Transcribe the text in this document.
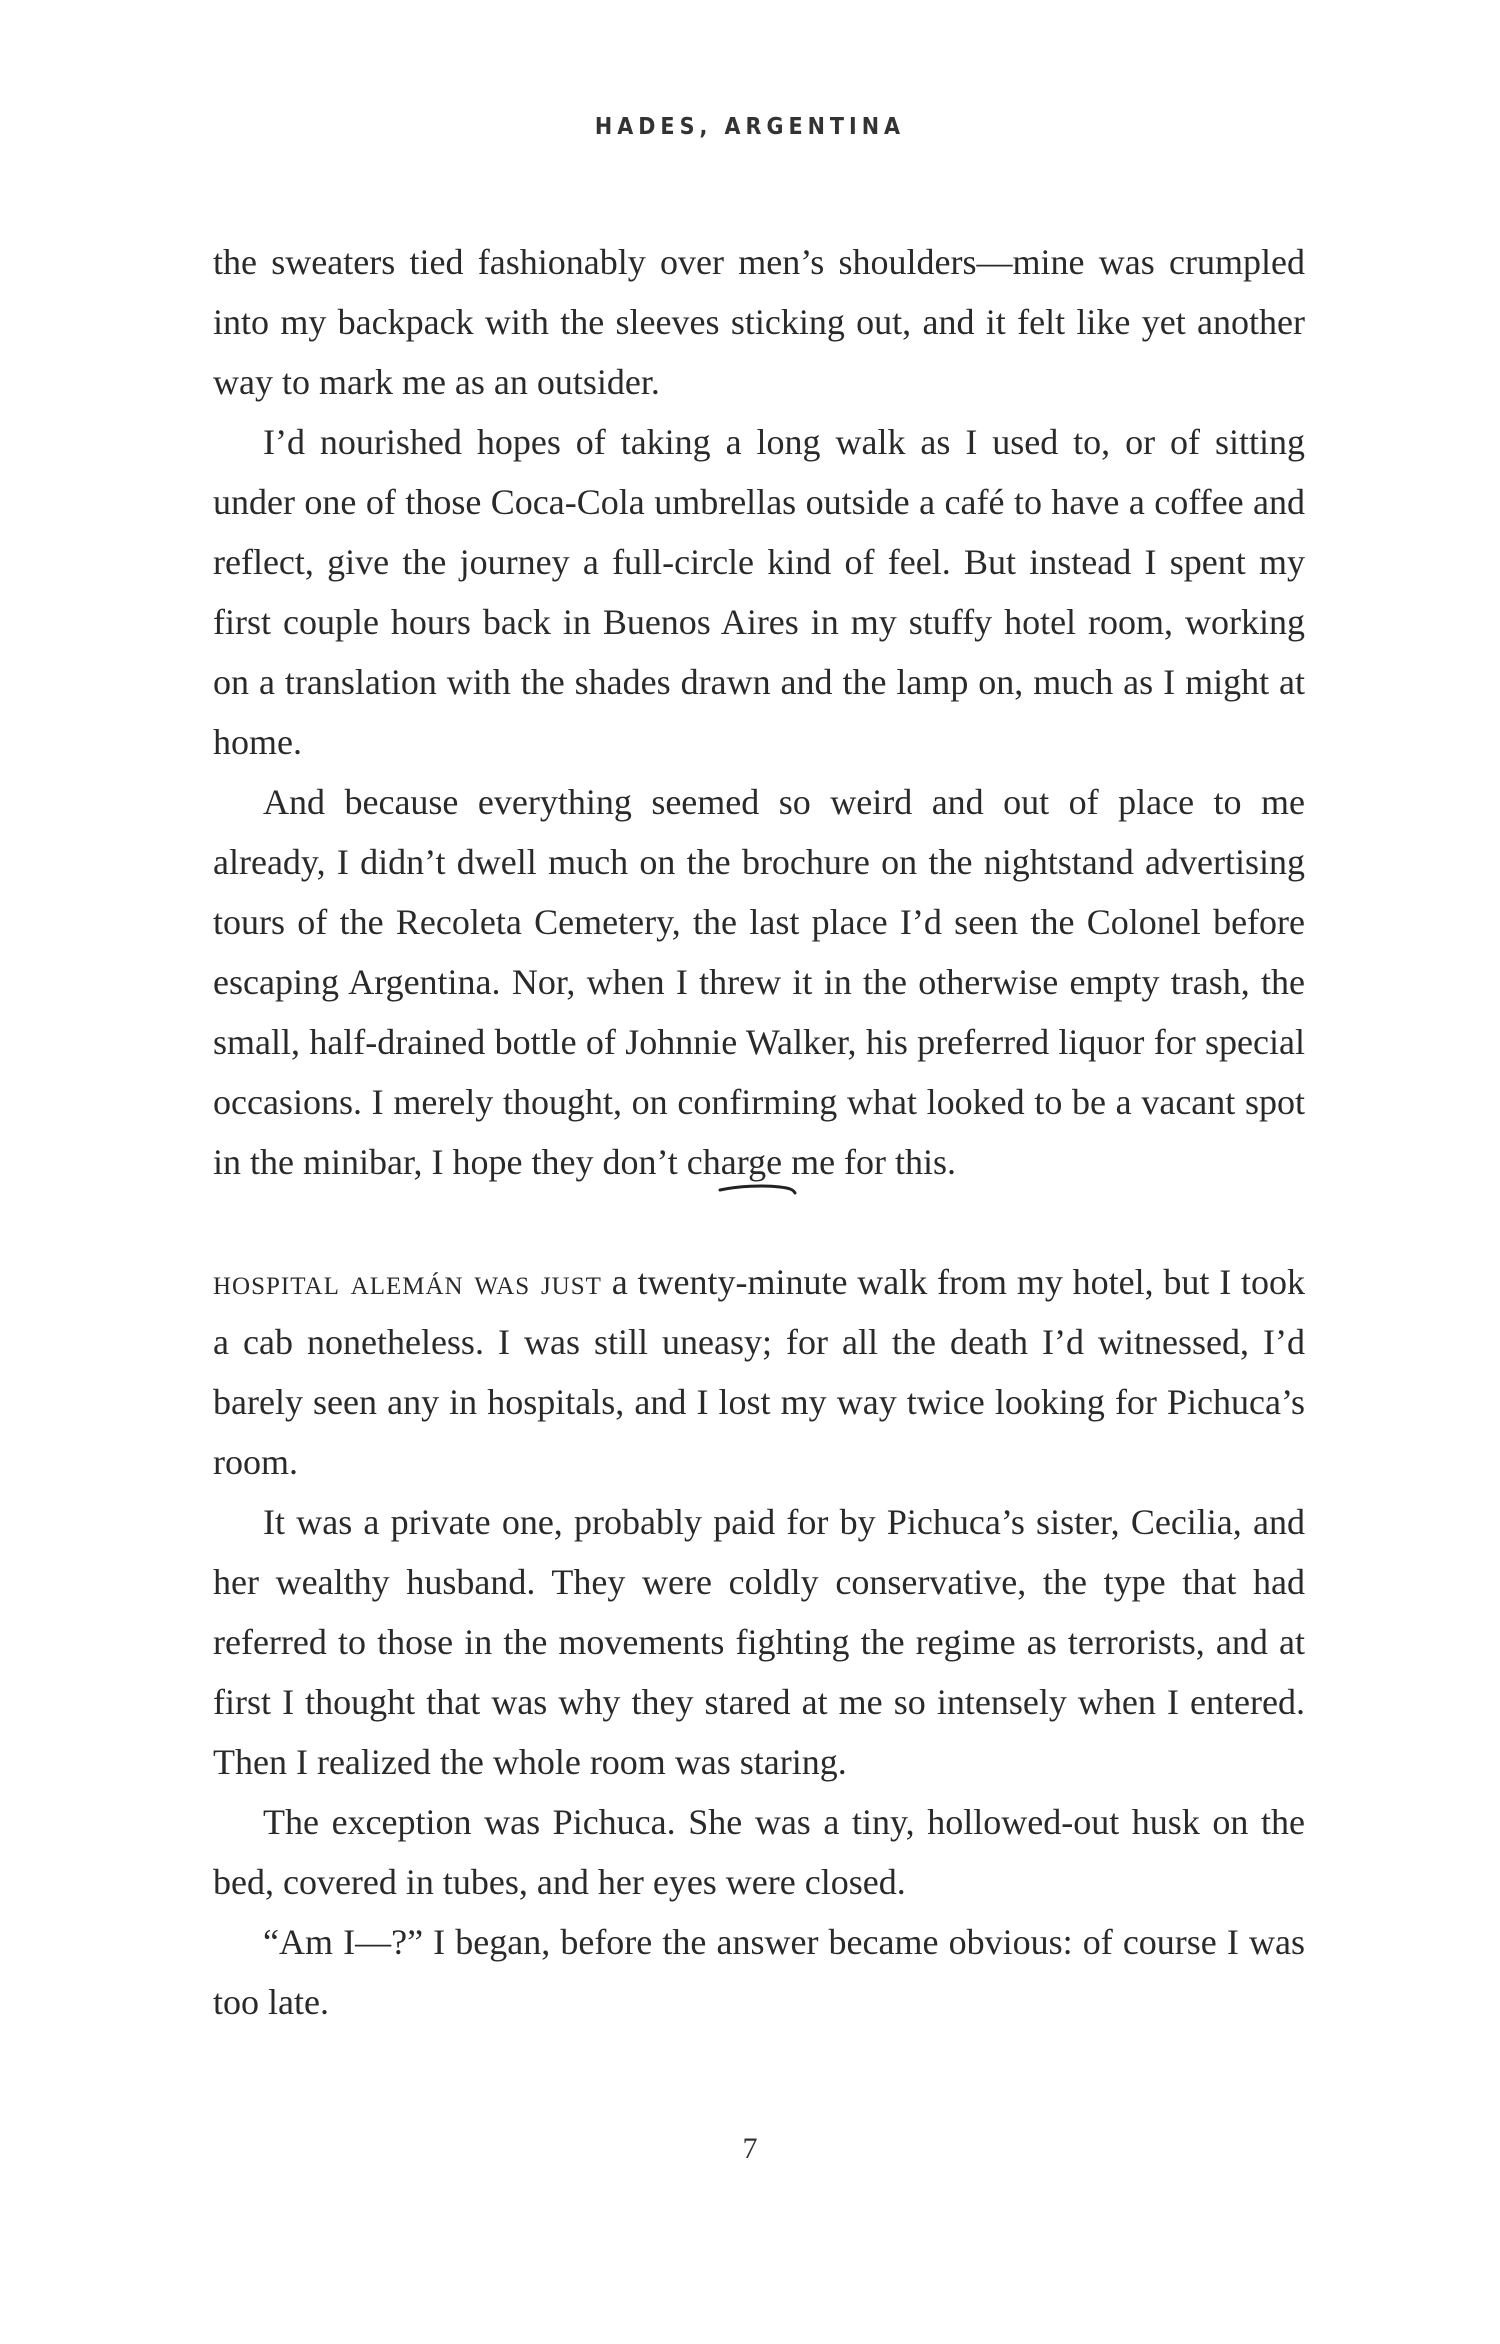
HADES, ARGENTINA

the sweaters tied fashionably over men’s shoulders—mine was crumpled into my backpack with the sleeves sticking out, and it felt like yet another way to mark me as an outsider.

I’d nourished hopes of taking a long walk as I used to, or of sitting under one of those Coca-Cola umbrellas outside a café to have a coffee and reflect, give the journey a full-circle kind of feel. But instead I spent my first couple hours back in Buenos Aires in my stuffy hotel room, working on a translation with the shades drawn and the lamp on, much as I might at home.

And because everything seemed so weird and out of place to me already, I didn’t dwell much on the brochure on the nightstand advertising tours of the Recoleta Cemetery, the last place I’d seen the Colonel before escaping Argentina. Nor, when I threw it in the otherwise empty trash, the small, half-drained bottle of Johnnie Walker, his preferred liquor for special occasions. I merely thought, on confirming what looked to be a vacant spot in the minibar, I hope they don’t charge me for this.

hospital alemán was just a twenty-minute walk from my hotel, but I took a cab nonetheless. I was still uneasy; for all the death I’d witnessed, I’d barely seen any in hospitals, and I lost my way twice looking for Pichuca’s room.

It was a private one, probably paid for by Pichuca’s sister, Cecilia, and her wealthy husband. They were coldly conservative, the type that had referred to those in the movements fighting the regime as terrorists, and at first I thought that was why they stared at me so intensely when I entered. Then I realized the whole room was staring.

The exception was Pichuca. She was a tiny, hollowed-out husk on the bed, covered in tubes, and her eyes were closed.

“Am I—?” I began, before the answer became obvious: of course I was too late.

7
